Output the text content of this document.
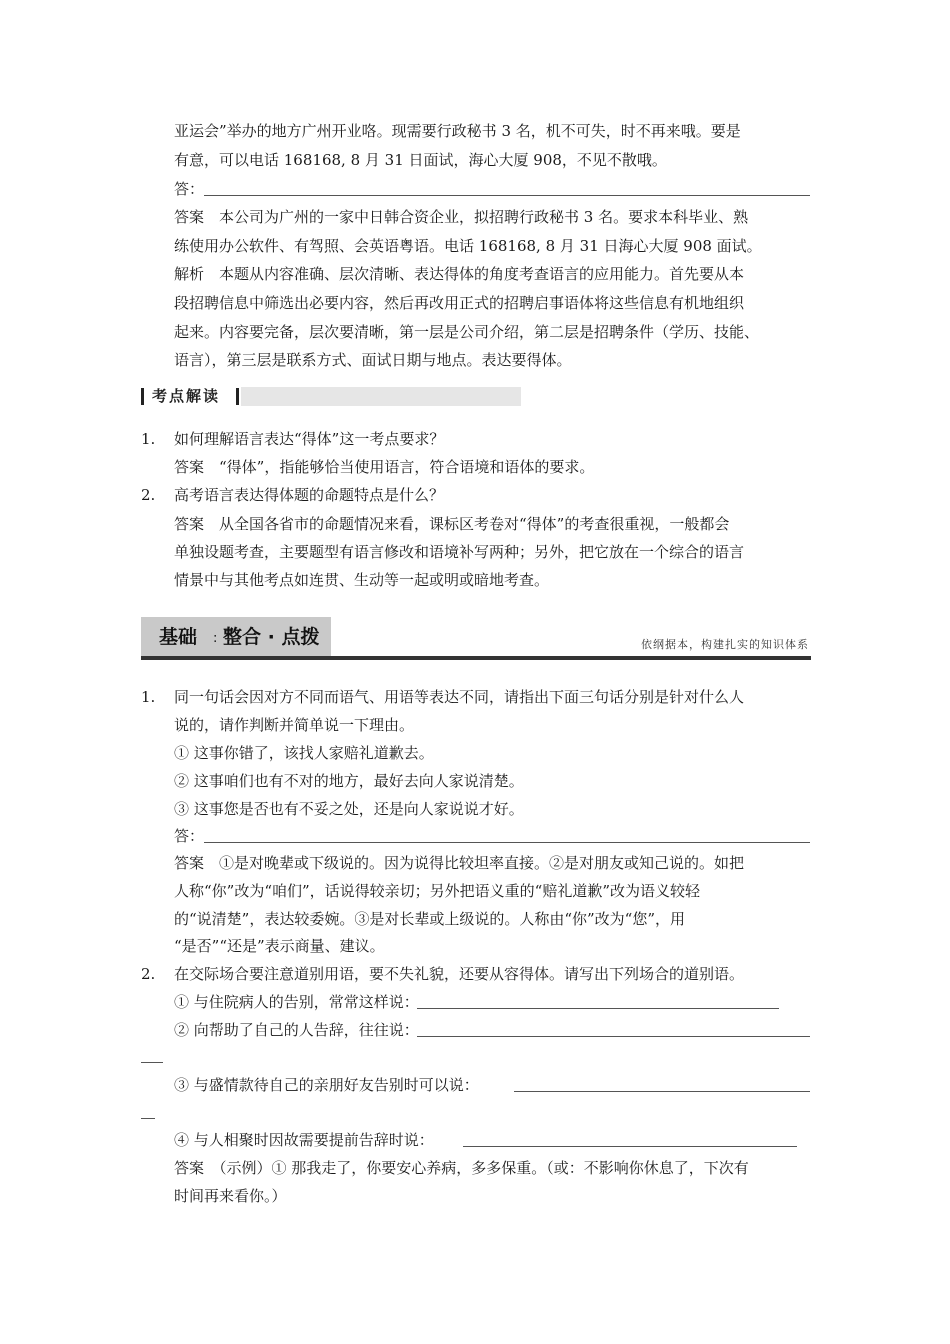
亚运会”举办的地方广州开业咯。现需要行政秘书 3 名，机不可失，时不再来哦。要是
有意，可以电话 168168, 8 月 31 日面试，海心大厦 908，不见不散哦。
答：
答案　本公司为广州的一家中日韩合资企业，拟招聘行政秘书 3 名。要求本科毕业、熟
练使用办公软件、有驾照、会英语粤语。电话 168168, 8 月 31 日海心大厦 908 面试。
解析　本题从内容准确、层次清晰、表达得体的角度考查语言的应用能力。首先要从本
段招聘信息中筛选出必要内容，然后再改用正式的招聘启事语体将这些信息有机地组织
起来。内容要完备，层次要清晰，第一层是公司介绍，第二层是招聘条件（学历、技能、
语言），第三层是联系方式、面试日期与地点。表达要得体。
考点解读
1. 如何理解语言表达“得体”这一考点要求？
答案　“得体”，指能够恰当使用语言，符合语境和语体的要求。
2. 高考语言表达得体题的命题特点是什么？
答案　从全国各省市的命题情况来看，课标区考卷对“得体”的考查很重视，一般都会
单独设题考查，主要题型有语言修改和语境补写两种；另外，把它放在一个综合的语言
情景中与其他考点如连贯、生动等一起或明或暗地考查。
基础 : 整合 · 点拨	依纲据本，构建扎实的知识体系
1. 同一句话会因对方不同而语气、用语等表达不同，请指出下面三句话分别是针对什么人
说的，请作判断并简单说一下理由。
① 这事你错了，该找人家赔礼道歉去。
② 这事咱们也有不对的地方，最好去向人家说清楚。
③ 这事您是否也有不妥之处，还是向人家说说才好。
答：
答案　①是对晚辈或下级说的。因为说得比较坦率直接。②是对朋友或知己说的。如把
人称“你”改为“咱们”，话说得较亲切；另外把语义重的“赔礼道歉”改为语义较轻
的“说清楚”，表达较委婉。③是对长辈或上级说的。人称由“你”改为“您”，用
“是否”“还是”表示商量、建议。
2. 在交际场合要注意道别用语，要不失礼貌，还要从容得体。请写出下列场合的道别语。
① 与住院病人的告别，常常这样说：
② 向帮助了自己的人告辞，往往说：
③ 与盛情款待自己的亲朋好友告别时可以说：
④ 与人相聚时因故需要提前告辞时说：
答案　（示例）① 那我走了，你要安心养病，多多保重。（或：不影响你休息了，下次有
时间再来看你。）
